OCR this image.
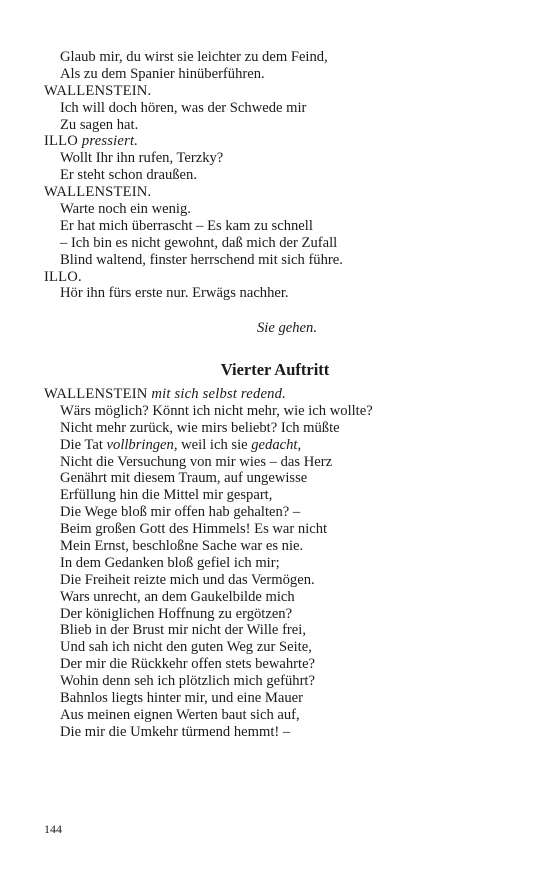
Glaub mir, du wirst sie leichter zu dem Feind,
Als zu dem Spanier hinüberführen.
WALLENSTEIN.
Ich will doch hören, was der Schwede mir
Zu sagen hat.
ILLO pressiert.
Wollt Ihr ihn rufen, Terzky?
Er steht schon draußen.
WALLENSTEIN.
Warte noch ein wenig.
Er hat mich überrascht – Es kam zu schnell
– Ich bin es nicht gewohnt, daß mich der Zufall
Blind waltend, finster herrschend mit sich führe.
ILLO.
Hör ihn fürs erste nur. Erwägs nachher.
Sie gehen.
Vierter Auftritt
WALLENSTEIN mit sich selbst redend.
Wärs möglich? Könnt ich nicht mehr, wie ich wollte?
Nicht mehr zurück, wie mirs beliebt? Ich müßte
Die Tat vollbringen, weil ich sie gedacht,
Nicht die Versuchung von mir wies – das Herz
Genährt mit diesem Traum, auf ungewisse
Erfüllung hin die Mittel mir gespart,
Die Wege bloß mir offen hab gehalten? –
Beim großen Gott des Himmels! Es war nicht
Mein Ernst, beschloßne Sache war es nie.
In dem Gedanken bloß gefiel ich mir;
Die Freiheit reizte mich und das Vermögen.
Wars unrecht, an dem Gaukelbilde mich
Der königlichen Hoffnung zu ergötzen?
Blieb in der Brust mir nicht der Wille frei,
Und sah ich nicht den guten Weg zur Seite,
Der mir die Rückkehr offen stets bewahrte?
Wohin denn seh ich plötzlich mich geführt?
Bahnlos liegts hinter mir, und eine Mauer
Aus meinen eignen Werten baut sich auf,
Die mir die Umkehr türmend hemmt! –
144
